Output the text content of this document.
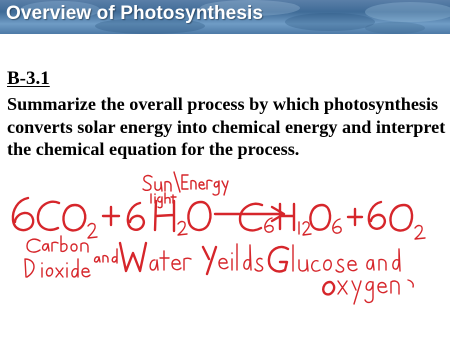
Overview of Photosynthesis
B-3.1
Summarize the overall process by which photosynthesis converts solar energy into chemical energy and interpret the chemical equation for the process.
